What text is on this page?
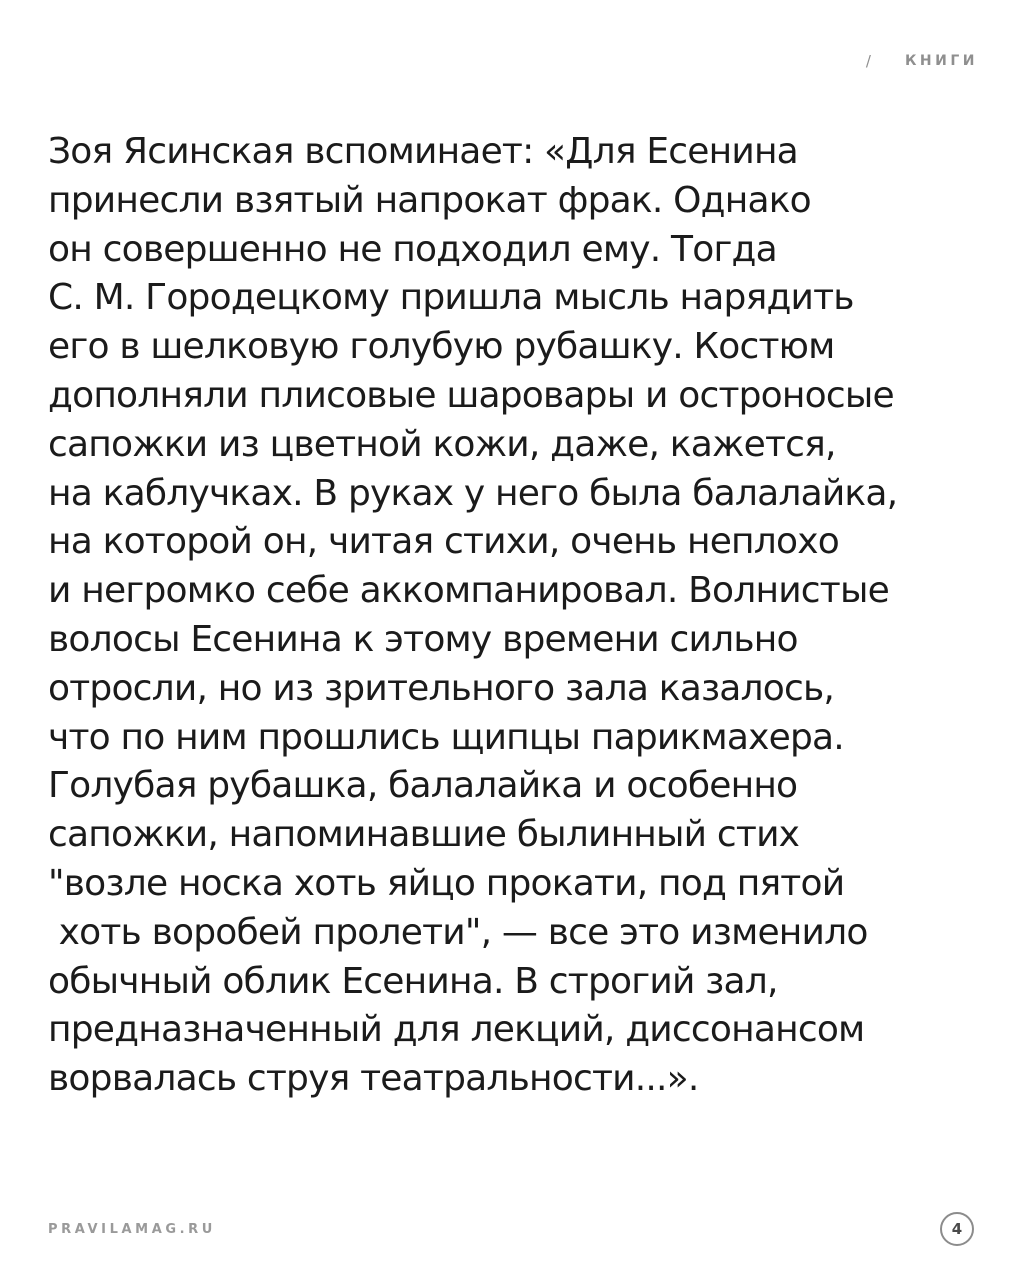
/ КНИГИ

Зоя Ясинская вспоминает: «Для Есенина
принесли взятый напрокат фрак. Однако
он совершенно не подходил ему. Тогда
С. М. Городецкому пришла мысль нарядить
его в шелковую голубую рубашку. Костюм
дополняли плисовые шаровары и остроносые
сапожки из цветной кожи, даже, кажется,
на каблучках. В руках у него была балалайка,
на которой он, читая стихи, очень неплохо
и негромко себе аккомпанировал. Волнистые
волосы Есенина к этому времени сильно
отросли, но из зрительного зала казалось,
что по ним прошлись щипцы парикмахера.
Голубая рубашка, балалайка и особенно
сапожки, напоминавшие былинный стих
"возле носка хоть яйцо прокати, под пятой
хоть воробей пролети", — все это изменило
обычный облик Есенина. В строгий зал,
предназначенный для лекций, диссонансом
ворвалась струя театральности...».

PRAVILAMAG.RU	4
